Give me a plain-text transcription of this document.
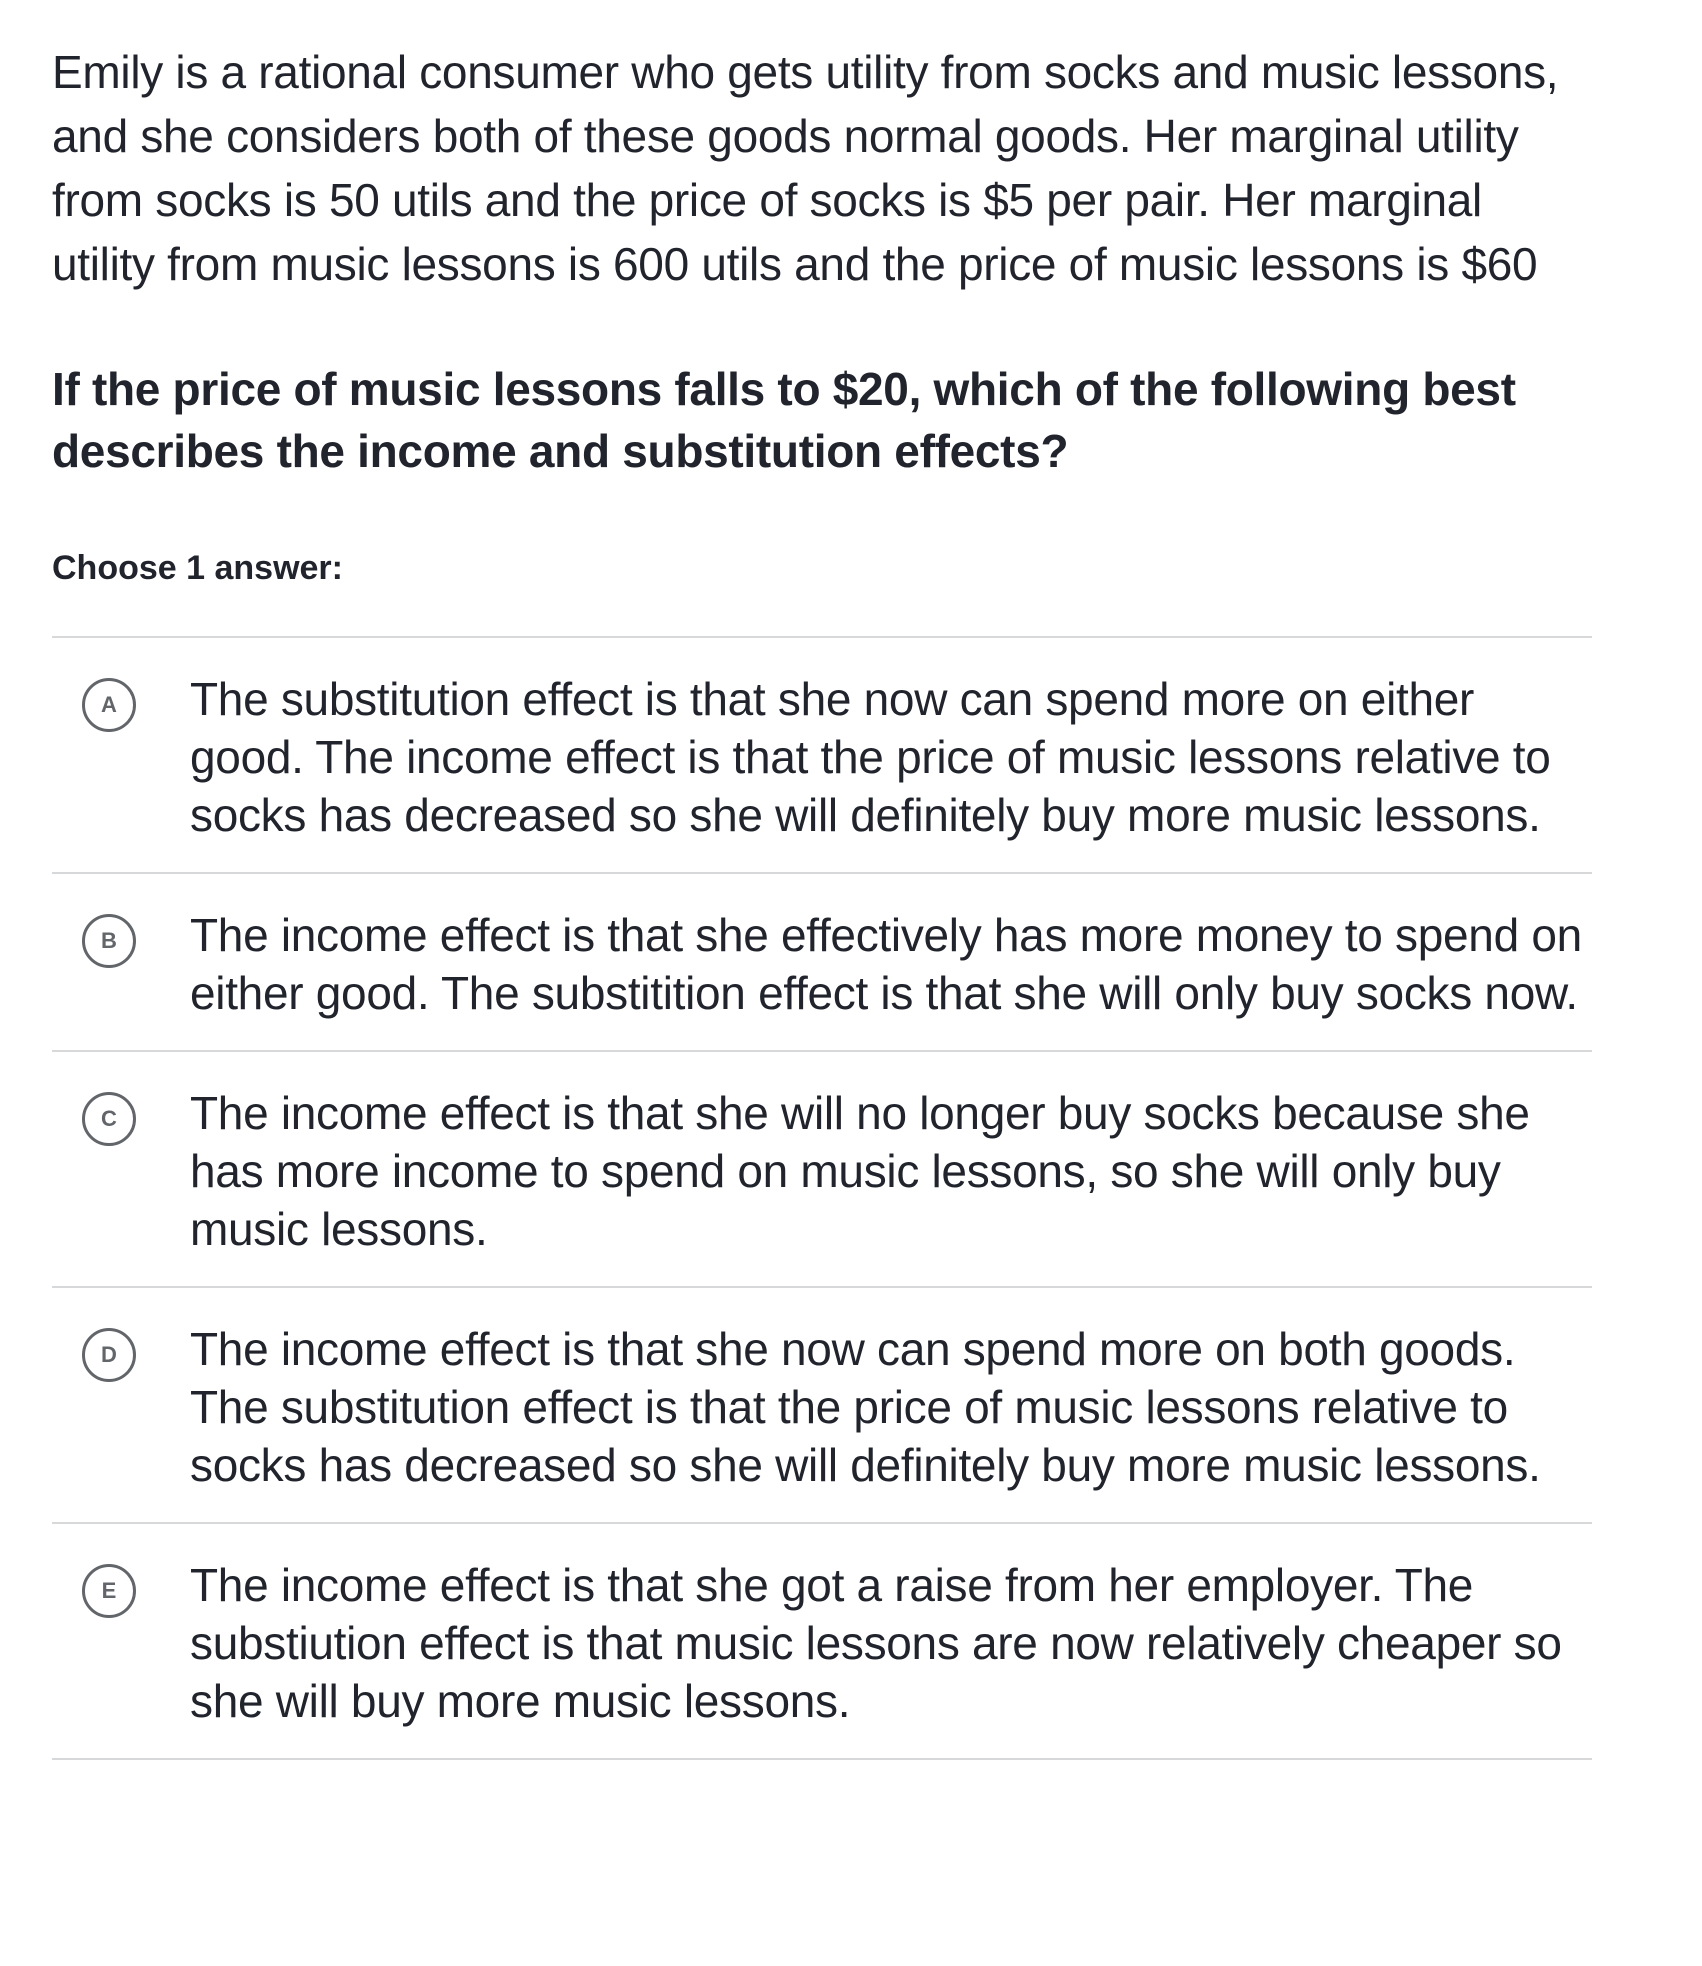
Emily is a rational consumer who gets utility from socks and music lessons, and she considers both of these goods normal goods. Her marginal utility from socks is 50 utils and the price of socks is $5 per pair. Her marginal utility from music lessons is 600 utils and the price of music lessons is $60

If the price of music lessons falls to $20, which of the following best describes the income and substitution effects?

Choose 1 answer:
A	The substitution effect is that she now can spend more on either good. The income effect is that the price of music lessons relative to socks has decreased so she will definitely buy more music lessons.
B	The income effect is that she effectively has more money to spend on either good. The substitition effect is that she will only buy socks now.
C	The income effect is that she will no longer buy socks because she has more income to spend on music lessons, so she will only buy music lessons.
D	The income effect is that she now can spend more on both goods. The substitution effect is that the price of music lessons relative to socks has decreased so she will definitely buy more music lessons.
E	The income effect is that she got a raise from her employer. The substiution effect is that music lessons are now relatively cheaper so she will buy more music lessons.
